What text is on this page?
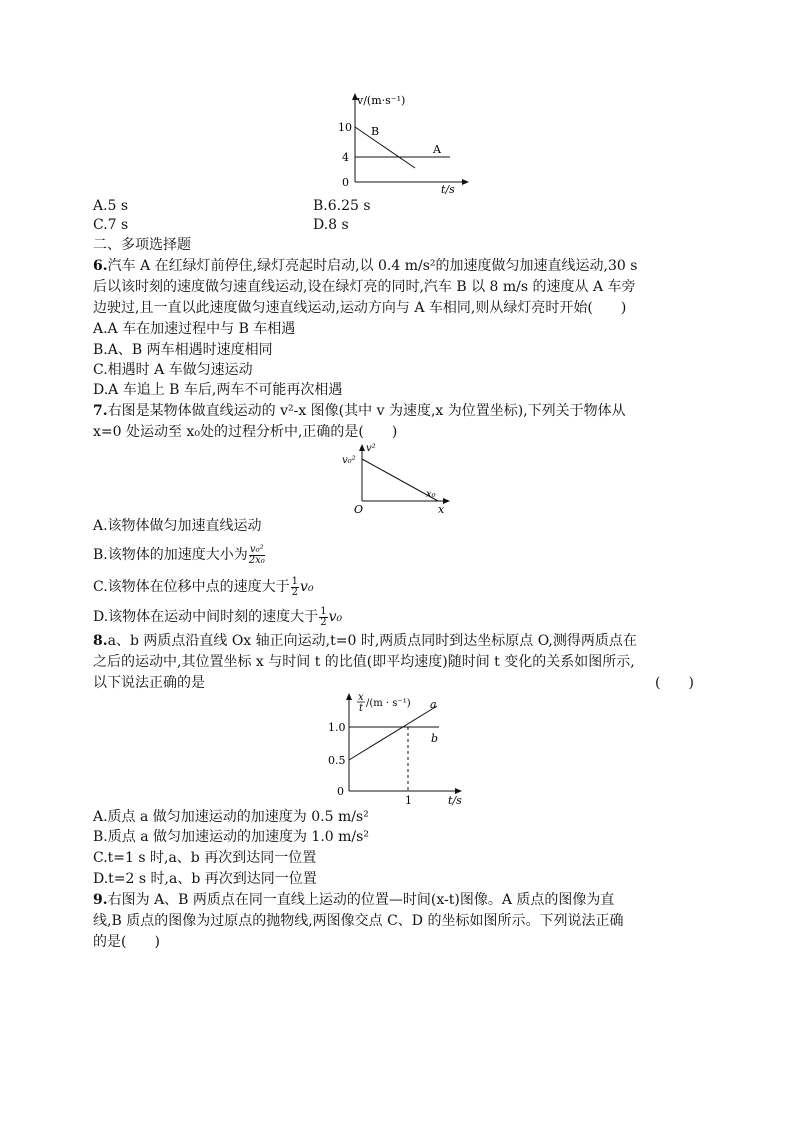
v/(m·s⁻¹)
10
4
0
B
A
t/s
A.5 s	B.6.25 s
C.7 s	D.8 s
二、多项选择题
6.汽车 A 在红绿灯前停住,绿灯亮起时启动,以 0.4 m/s²的加速度做匀加速直线运动,30 s
后以该时刻的速度做匀速直线运动,设在绿灯亮的同时,汽车 B 以 8 m/s 的速度从 A 车旁
边驶过,且一直以此速度做匀速直线运动,运动方向与 A 车相同,则从绿灯亮时开始(　　)
A.A 车在加速过程中与 B 车相遇
B.A、B 两车相遇时速度相同
C.相遇时 A 车做匀速运动
D.A 车追上 B 车后,两车不可能再次相遇
7.右图是某物体做直线运动的 v²-x 图像(其中 v 为速度,x 为位置坐标),下列关于物体从
x=0 处运动至 x₀处的过程分析中,正确的是(　　)
v²
v₀²
x₀
x
O
A.该物体做匀加速直线运动
B.该物体的加速度大小为 $\frac{\text{v₀²}}{\text{2x₀}}$
C.该物体在位移中点的速度大于 $\frac{1}{2} v_0$
D.该物体在运动中间时刻的速度大于 $\frac{1}{2} v_0$
8.a、b 两质点沿直线 Ox 轴正向运动,t=0 时,两质点同时到达坐标原点 O,测得两质点在
之后的运动中,其位置坐标 x 与时间 t 的比值(即平均速度)随时间 t 变化的关系如图所示,
以下说法正确的是	(　　)
x
t /(m · s⁻¹)
1.0
0.5
0
1	t/s
a
b
A.质点 a 做匀加速运动的加速度为 0.5 m/s²
B.质点 a 做匀加速运动的加速度为 1.0 m/s²
C.t=1 s 时,a、b 再次到达同一位置
D.t=2 s 时,a、b 再次到达同一位置
9.右图为 A、B 两质点在同一直线上运动的位置—时间(x-t)图像。A 质点的图像为直
线,B 质点的图像为过原点的抛物线,两图像交点 C、D 的坐标如图所示。下列说法正确
的是(　　)
